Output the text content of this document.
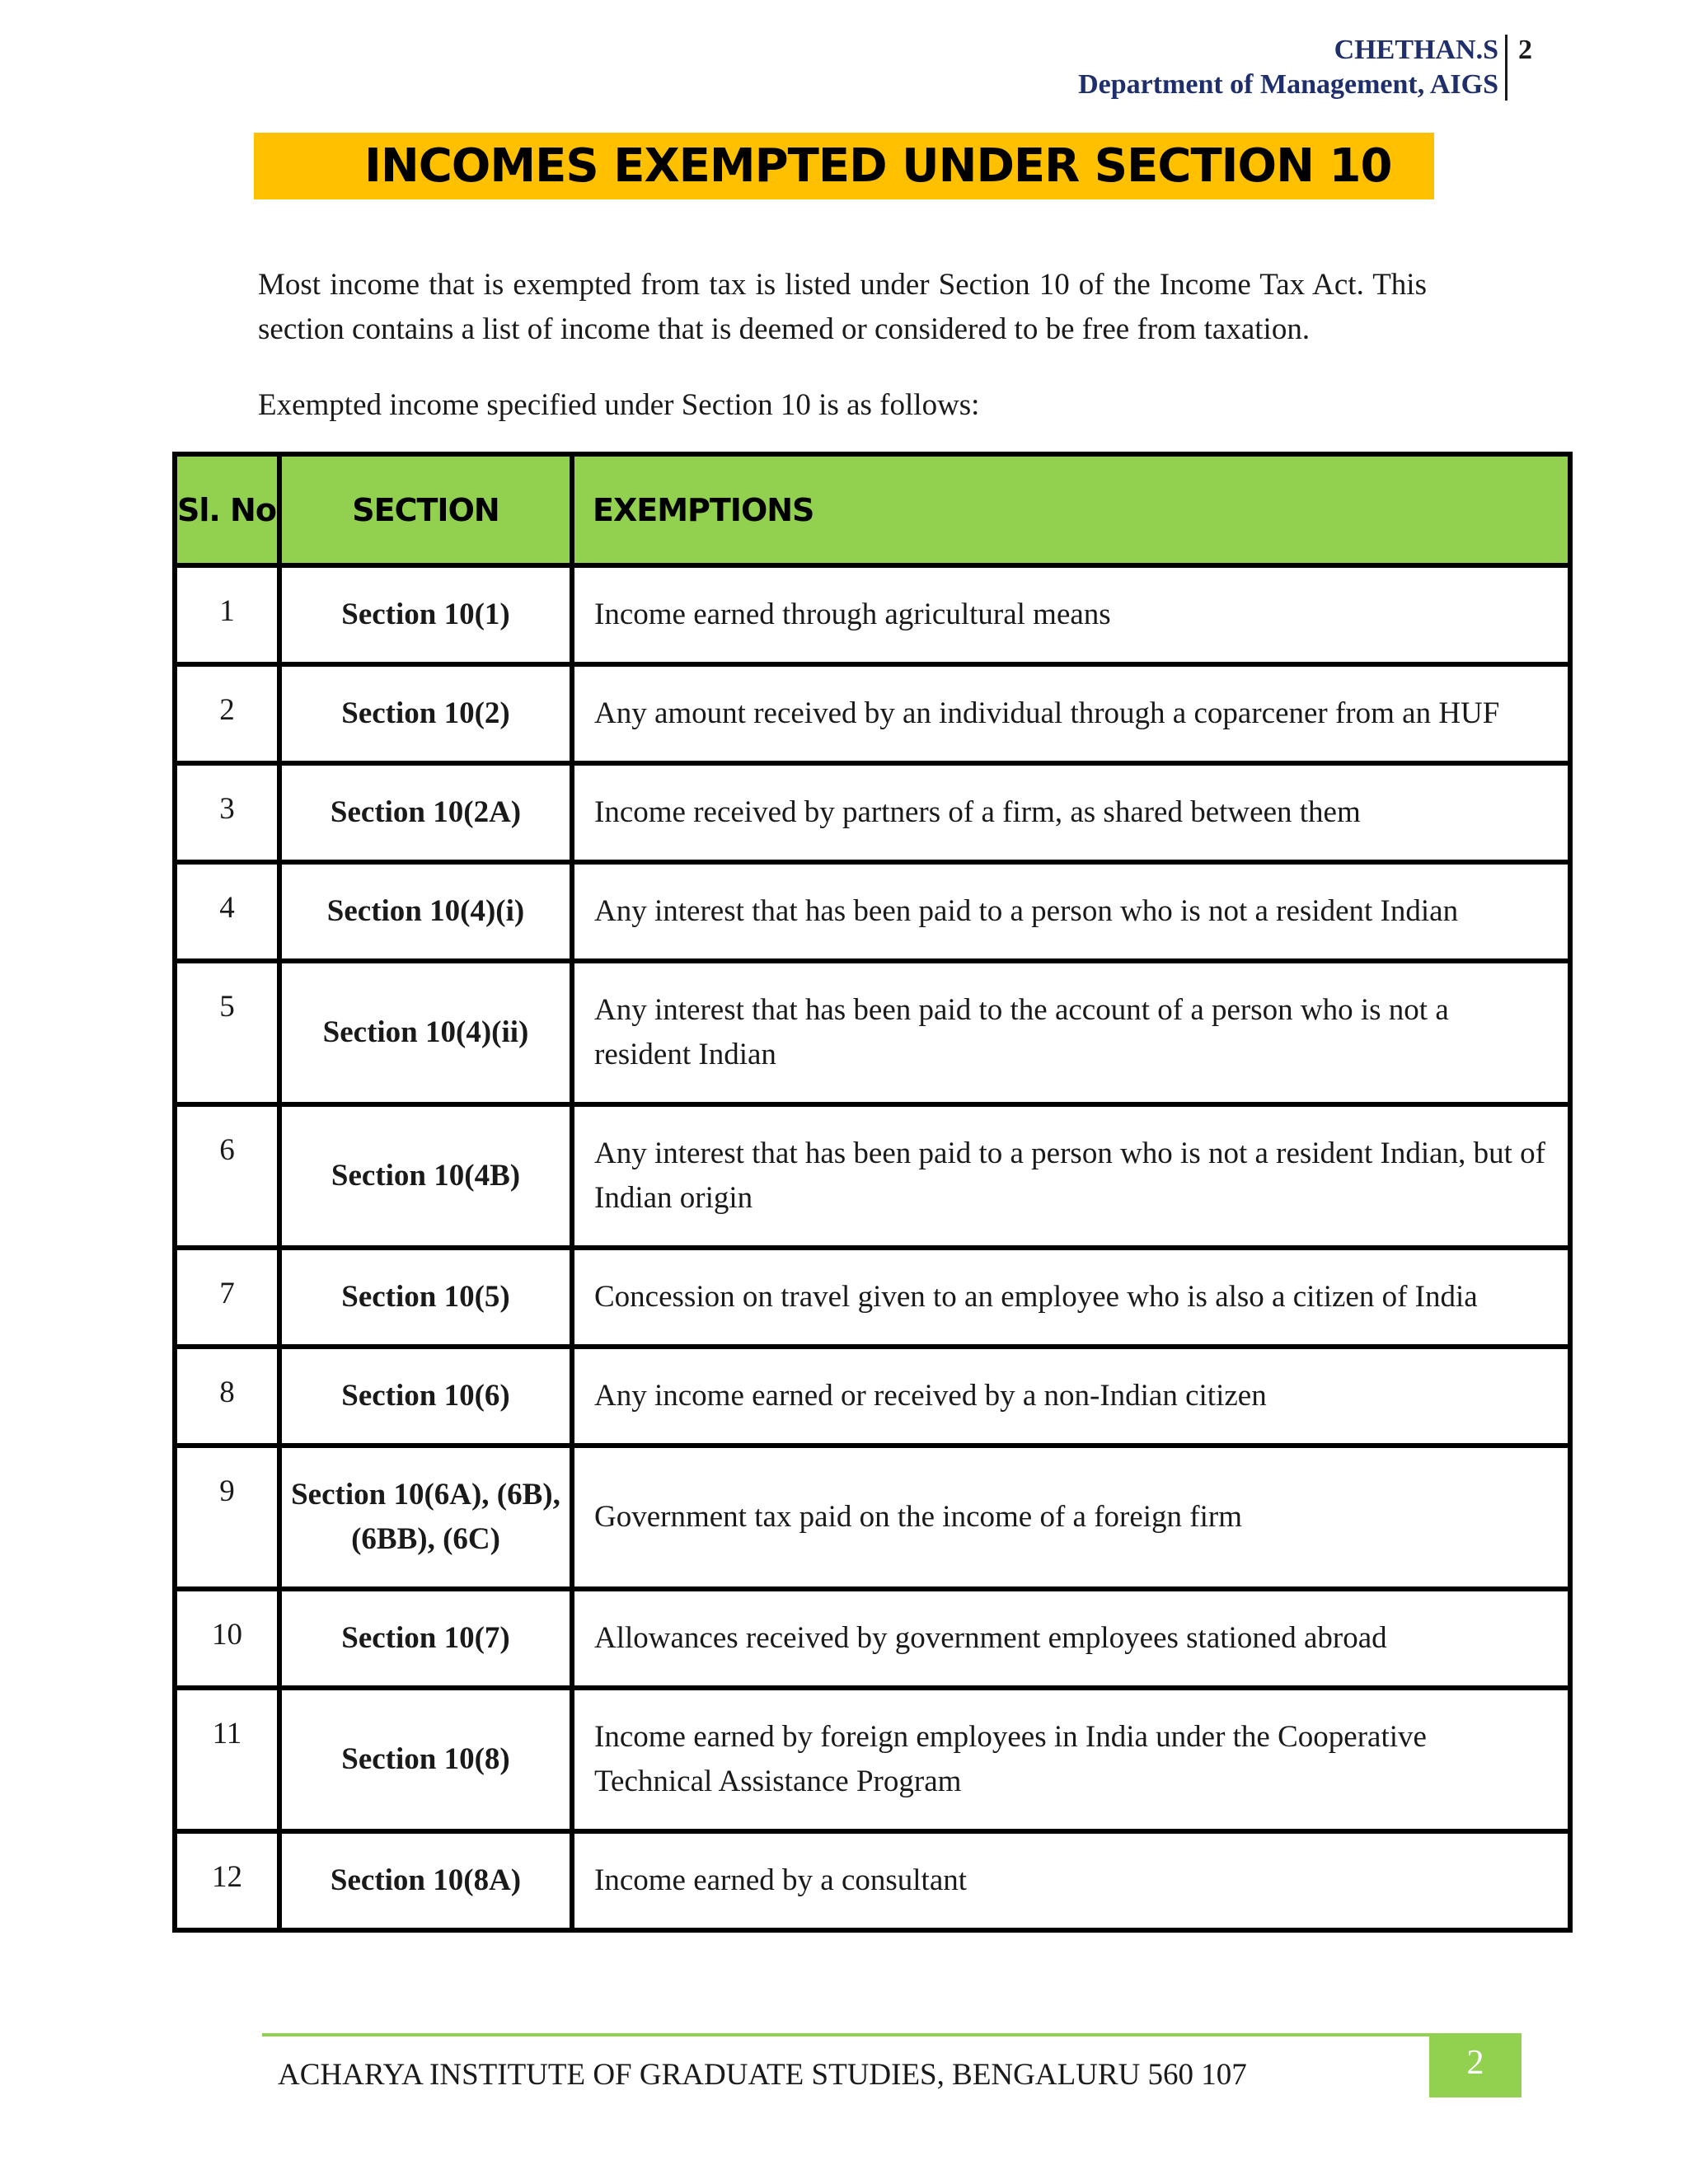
CHETHAN.S
Department of Management, AIGS
2
INCOMES EXEMPTED UNDER SECTION 10

Most income that is exempted from tax is listed under Section 10 of the Income Tax Act. This section contains a list of income that is deemed or considered to be free from taxation.

Exempted income specified under Section 10 is as follows:

Sl. No	SECTION	EXEMPTIONS
1	Section 10(1)	Income earned through agricultural means
2	Section 10(2)	Any amount received by an individual through a coparcener from an HUF
3	Section 10(2A)	Income received by partners of a firm, as shared between them
4	Section 10(4)(i)	Any interest that has been paid to a person who is not a resident Indian
5	Section 10(4)(ii)	Any interest that has been paid to the account of a person who is not a resident Indian
6	Section 10(4B)	Any interest that has been paid to a person who is not a resident Indian, but of Indian origin
7	Section 10(5)	Concession on travel given to an employee who is also a citizen of India
8	Section 10(6)	Any income earned or received by a non-Indian citizen
9	Section 10(6A), (6B), (6BB), (6C)	Government tax paid on the income of a foreign firm
10	Section 10(7)	Allowances received by government employees stationed abroad
11	Section 10(8)	Income earned by foreign employees in India under the Cooperative Technical Assistance Program
12	Section 10(8A)	Income earned by a consultant
ACHARYA INSTITUTE OF GRADUATE STUDIES, BENGALURU 560 107	2
